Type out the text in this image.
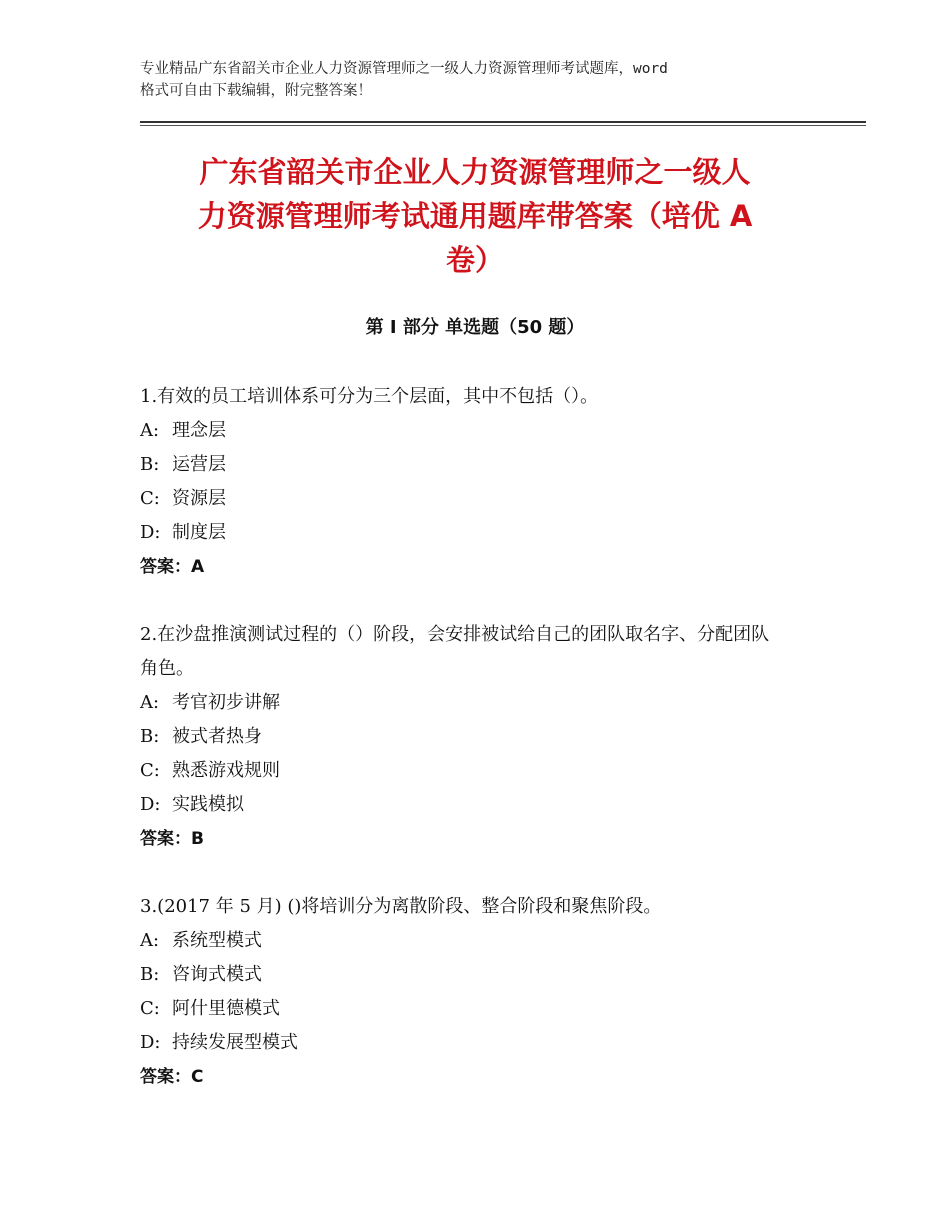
专业精品广东省韶关市企业人力资源管理师之一级人力资源管理师考试题库，word
格式可自由下载编辑，附完整答案！
广东省韶关市企业人力资源管理师之一级人
力资源管理师考试通用题库带答案（培优 A
卷）
第 I 部分 单选题（50 题）

1.有效的员工培训体系可分为三个层面，其中不包括（）。

A: 理念层

B: 运营层

C: 资源层

D: 制度层

答案：A

2.在沙盘推演测试过程的（）阶段，会安排被试给自己的团队取名字、分配团队角色。

A: 考官初步讲解

B: 被式者热身

C: 熟悉游戏规则

D: 实践模拟

答案：B

3.(2017 年 5 月) ()将培训分为离散阶段、整合阶段和聚焦阶段。

A: 系统型模式

B: 咨询式模式

C: 阿什里德模式

D: 持续发展型模式

答案：C
